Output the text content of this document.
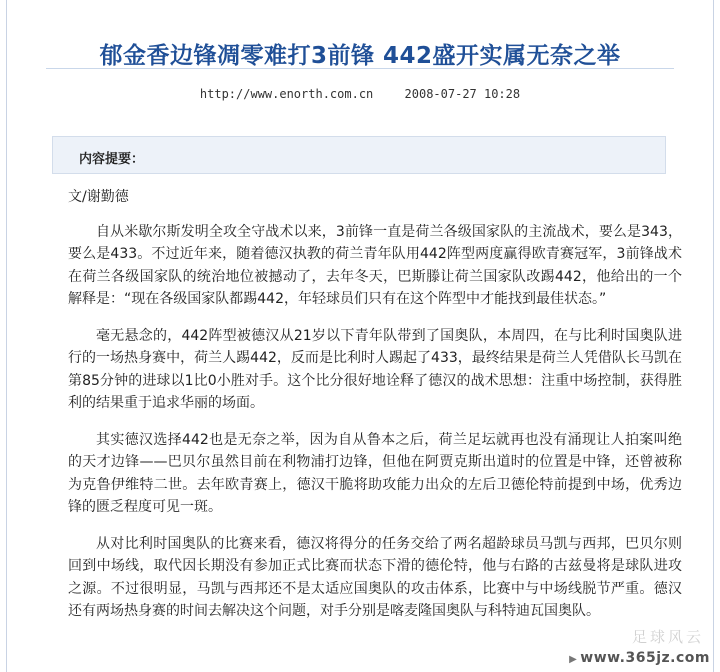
郁金香边锋凋零难打3前锋 442盛开实属无奈之举
http://www.enorth.com.cn	2008-07-27 10:28
内容提要：

文/谢勤德

自从米歇尔斯发明全攻全守战术以来，3前锋一直是荷兰各级国家队的主流战术，要么是343，要么是433。不过近年来，随着德汉执教的荷兰青年队用442阵型两度赢得欧青赛冠军，3前锋战术在荷兰各级国家队的统治地位被撼动了，去年冬天，巴斯滕让荷兰国家队改踢442，他给出的一个解释是：“现在各级国家队都踢442，年轻球员们只有在这个阵型中才能找到最佳状态。”

毫无悬念的，442阵型被德汉从21岁以下青年队带到了国奥队，本周四，在与比利时国奥队进行的一场热身赛中，荷兰人踢442，反而是比利时人踢起了433，最终结果是荷兰人凭借队长马凯在第85分钟的进球以1比0小胜对手。这个比分很好地诠释了德汉的战术思想：注重中场控制，获得胜利的结果重于追求华丽的场面。

其实德汉选择442也是无奈之举，因为自从鲁本之后，荷兰足坛就再也没有涌现让人拍案叫绝的天才边锋——巴贝尔虽然目前在利物浦打边锋，但他在阿贾克斯出道时的位置是中锋，还曾被称为克鲁伊维特二世。去年欧青赛上，德汉干脆将助攻能力出众的左后卫德伦特前提到中场，优秀边锋的匮乏程度可见一斑。

从对比利时国奥队的比赛来看，德汉将得分的任务交给了两名超龄球员马凯与西邦，巴贝尔则回到中场线，取代因长期没有参加正式比赛而状态下滑的德伦特，他与右路的古兹曼将是球队进攻之源。不过很明显，马凯与西邦还不是太适应国奥队的攻击体系，比赛中与中场线脱节严重。德汉还有两场热身赛的时间去解决这个问题，对手分别是喀麦隆国奥队与科特迪瓦国奥队。

足球风云
▶ www.365jz.com
